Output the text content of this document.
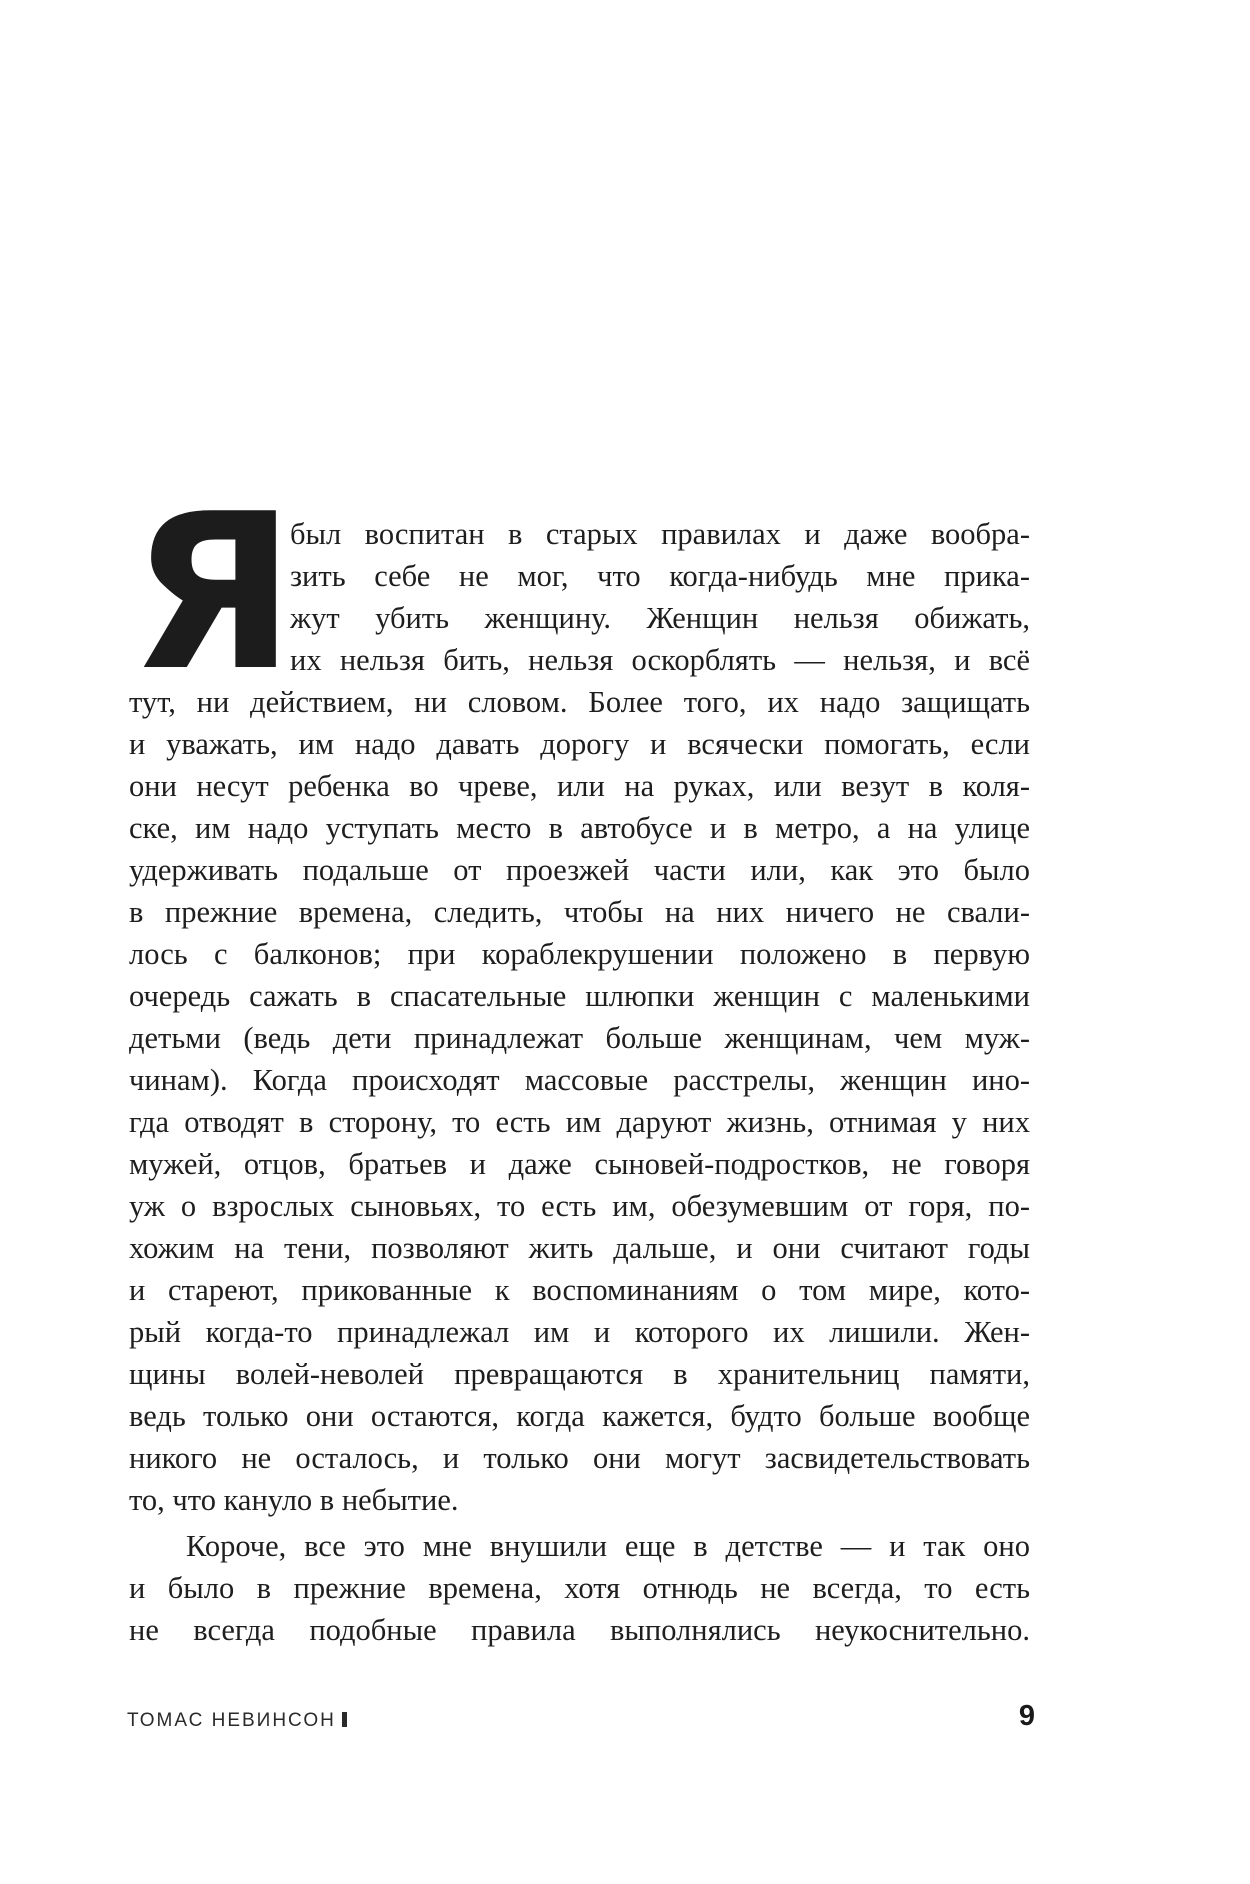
Я был воспитан в старых правилах и даже вообра-
зить себе не мог, что когда-нибудь мне прика-
жут убить женщину. Женщин нельзя обижать,
их нельзя бить, нельзя оскорблять — нельзя, и всё
тут, ни действием, ни словом. Более того, их надо защищать
и уважать, им надо давать дорогу и всячески помогать, если
они несут ребенка во чреве, или на руках, или везут в коля-
ске, им надо уступать место в автобусе и в метро, а на улице
удерживать подальше от проезжей части или, как это было
в прежние времена, следить, чтобы на них ничего не свали-
лось с балконов; при кораблекрушении положено в первую
очередь сажать в спасательные шлюпки женщин с маленькими
детьми (ведь дети принадлежат больше женщинам, чем муж-
чинам). Когда происходят массовые расстрелы, женщин ино-
гда отводят в сторону, то есть им даруют жизнь, отнимая у них
мужей, отцов, братьев и даже сыновей-подростков, не говоря
уж о взрослых сыновьях, то есть им, обезумевшим от горя, по-
хожим на тени, позволяют жить дальше, и они считают годы
и стареют, прикованные к воспоминаниям о том мире, кото-
рый когда-то принадлежал им и которого их лишили. Жен-
щины волей-неволей превращаются в хранительниц памяти,
ведь только они остаются, когда кажется, будто больше вообще
никого не осталось, и только они могут засвидетельствовать
то, что кануло в небытие.
Короче, все это мне внушили еще в детстве — и так оно
и было в прежние времена, хотя отнюдь не всегда, то есть
не всегда подобные правила выполнялись неукоснительно.
ТОМАС НЕВИНСОН	9
